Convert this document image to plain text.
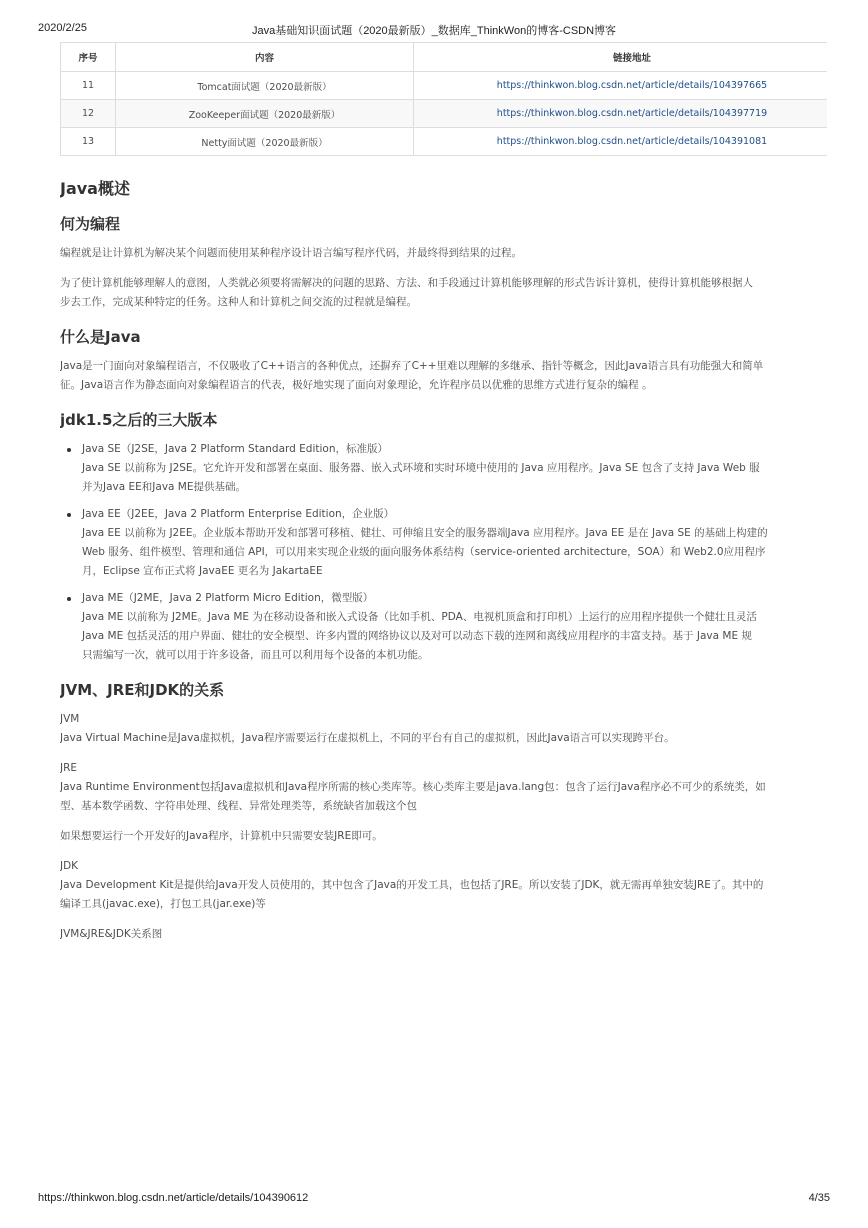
2020/2/25	Java基础知识面试题（2020最新版）_数据库_ThinkWon的博客-CSDN博客
序号	内容	链接地址
11	Tomcat面试题（2020最新版）	https://thinkwon.blog.csdn.net/article/details/104397665
12	ZooKeeper面试题（2020最新版）	https://thinkwon.blog.csdn.net/article/details/104397719
13	Netty面试题（2020最新版）	https://thinkwon.blog.csdn.net/article/details/104391081
Java概述
何为编程

编程就是让计算机为解决某个问题而使用某种程序设计语言编写程序代码，并最终得到结果的过程。

为了使计算机能够理解人的意图，人类就必须要将需解决的问题的思路、方法、和手段通过计算机能够理解的形式告诉计算机，使得计算机能够根据人
步去工作，完成某种特定的任务。这种人和计算机之间交流的过程就是编程。

什么是Java

Java是一门面向对象编程语言，不仅吸收了C++语言的各种优点，还摒弃了C++里难以理解的多继承、指针等概念，因此Java语言具有功能强大和简单
征。Java语言作为静态面向对象编程语言的代表，极好地实现了面向对象理论，允许程序员以优雅的思维方式进行复杂的编程 。

jdk1.5之后的三大版本
Java SE（J2SE，Java 2 Platform Standard Edition，标准版）
Java SE 以前称为 J2SE。它允许开发和部署在桌面、服务器、嵌入式环境和实时环境中使用的 Java 应用程序。Java SE 包含了支持 Java Web 服
并为Java EE和Java ME提供基础。
Java EE（J2EE，Java 2 Platform Enterprise Edition，企业版）
Java EE 以前称为 J2EE。企业版本帮助开发和部署可移植、健壮、可伸缩且安全的服务器端Java 应用程序。Java EE 是在 Java SE 的基础上构建的
Web 服务、组件模型、管理和通信 API，可以用来实现企业级的面向服务体系结构（service-oriented architecture，SOA）和 Web2.0应用程序
月，Eclipse 宣布正式将 JavaEE 更名为 JakartaEE
Java ME（J2ME，Java 2 Platform Micro Edition，微型版）
Java ME 以前称为 J2ME。Java ME 为在移动设备和嵌入式设备（比如手机、PDA、电视机顶盒和打印机）上运行的应用程序提供一个健壮且灵活
Java ME 包括灵活的用户界面、健壮的安全模型、许多内置的网络协议以及对可以动态下载的连网和离线应用程序的丰富支持。基于 Java ME 规
只需编写一次，就可以用于许多设备，而且可以利用每个设备的本机功能。
JVM、JRE和JDK的关系
JVM
Java Virtual Machine是Java虚拟机，Java程序需要运行在虚拟机上，不同的平台有自己的虚拟机，因此Java语言可以实现跨平台。
JRE
Java Runtime Environment包括Java虚拟机和Java程序所需的核心类库等。核心类库主要是java.lang包：包含了运行Java程序必不可少的系统类，如
型、基本数学函数、字符串处理、线程、异常处理类等，系统缺省加载这个包

如果想要运行一个开发好的Java程序，计算机中只需要安装JRE即可。

JDK
Java Development Kit是提供给Java开发人员使用的，其中包含了Java的开发工具，也包括了JRE。所以安装了JDK，就无需再单独安装JRE了。其中的
编译工具(javac.exe)，打包工具(jar.exe)等

JVM&JRE&JDK关系图

https://thinkwon.blog.csdn.net/article/details/104390612	4/35
